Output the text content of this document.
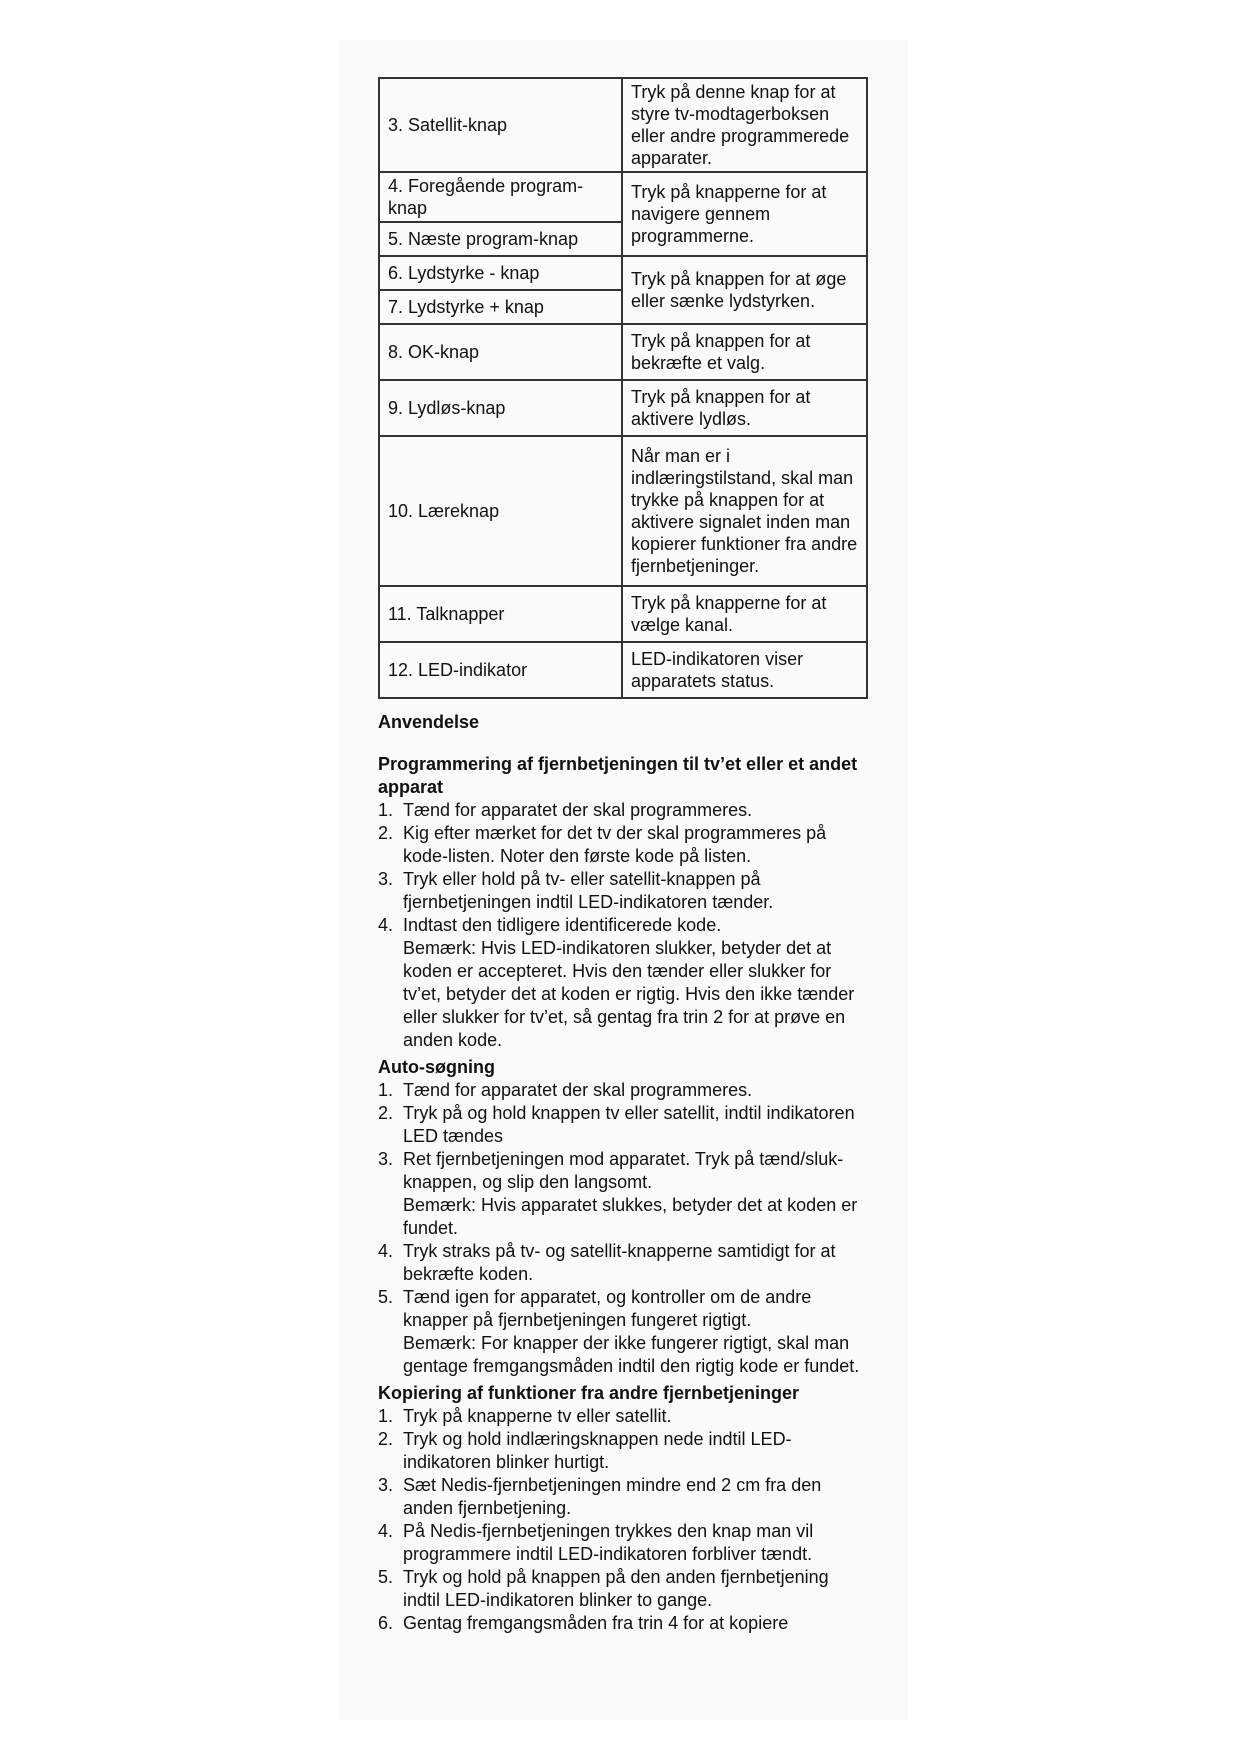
3. Satellit-knap	Tryk på denne knap for at styre tv-modtagerboksen eller andre programmerede apparater.
4. Foregående program-knap	Tryk på knapperne for at navigere gennem programmerne.
5. Næste program-knap	
6. Lydstyrke - knap	Tryk på knappen for at øge eller sænke lydstyrken.
7. Lydstyrke + knap	
8. OK-knap	Tryk på knappen for at bekræfte et valg.
9. Lydløs-knap	Tryk på knappen for at aktivere lydløs.
10. Læreknap	Når man er i indlæringstilstand, skal man trykke på knappen for at aktivere signalet inden man kopierer funktioner fra andre fjernbetjeninger.
11. Talknapper	Tryk på knapperne for at vælge kanal.
12. LED-indikator	LED-indikatoren viser apparatets status.
Anvendelse
Programmering af fjernbetjeningen til tv’et eller et andet apparat
1. Tænd for apparatet der skal programmeres.
2. Kig efter mærket for det tv der skal programmeres på kode-listen. Noter den første kode på listen.
3. Tryk eller hold på tv- eller satellit-knappen på fjernbetjeningen indtil LED-indikatoren tænder.
4. Indtast den tidligere identificerede kode.
Bemærk: Hvis LED-indikatoren slukker, betyder det at koden er accepteret. Hvis den tænder eller slukker for tv’et, betyder det at koden er rigtig. Hvis den ikke tænder eller slukker for tv’et, så gentag fra trin 2 for at prøve en anden kode.
Auto-søgning
1. Tænd for apparatet der skal programmeres.
2. Tryk på og hold knappen tv eller satellit, indtil indikatoren LED tændes
3. Ret fjernbetjeningen mod apparatet. Tryk på tænd/sluk-knappen, og slip den langsomt.
Bemærk: Hvis apparatet slukkes, betyder det at koden er fundet.
4. Tryk straks på tv- og satellit-knapperne samtidigt for at bekræfte koden.
5. Tænd igen for apparatet, og kontroller om de andre knapper på fjernbetjeningen fungeret rigtigt.
Bemærk: For knapper der ikke fungerer rigtigt, skal man gentage fremgangsmåden indtil den rigtig kode er fundet.
Kopiering af funktioner fra andre fjernbetjeninger
1. Tryk på knapperne tv eller satellit.
2. Tryk og hold indlæringsknappen nede indtil LED-indikatoren blinker hurtigt.
3. Sæt Nedis-fjernbetjeningen mindre end 2 cm fra den anden fjernbetjening.
4. På Nedis-fjernbetjeningen trykkes den knap man vil programmere indtil LED-indikatoren forbliver tændt.
5. Tryk og hold på knappen på den anden fjernbetjening indtil LED-indikatoren blinker to gange.
6. Gentag fremgangsmåden fra trin 4 for at kopiere
